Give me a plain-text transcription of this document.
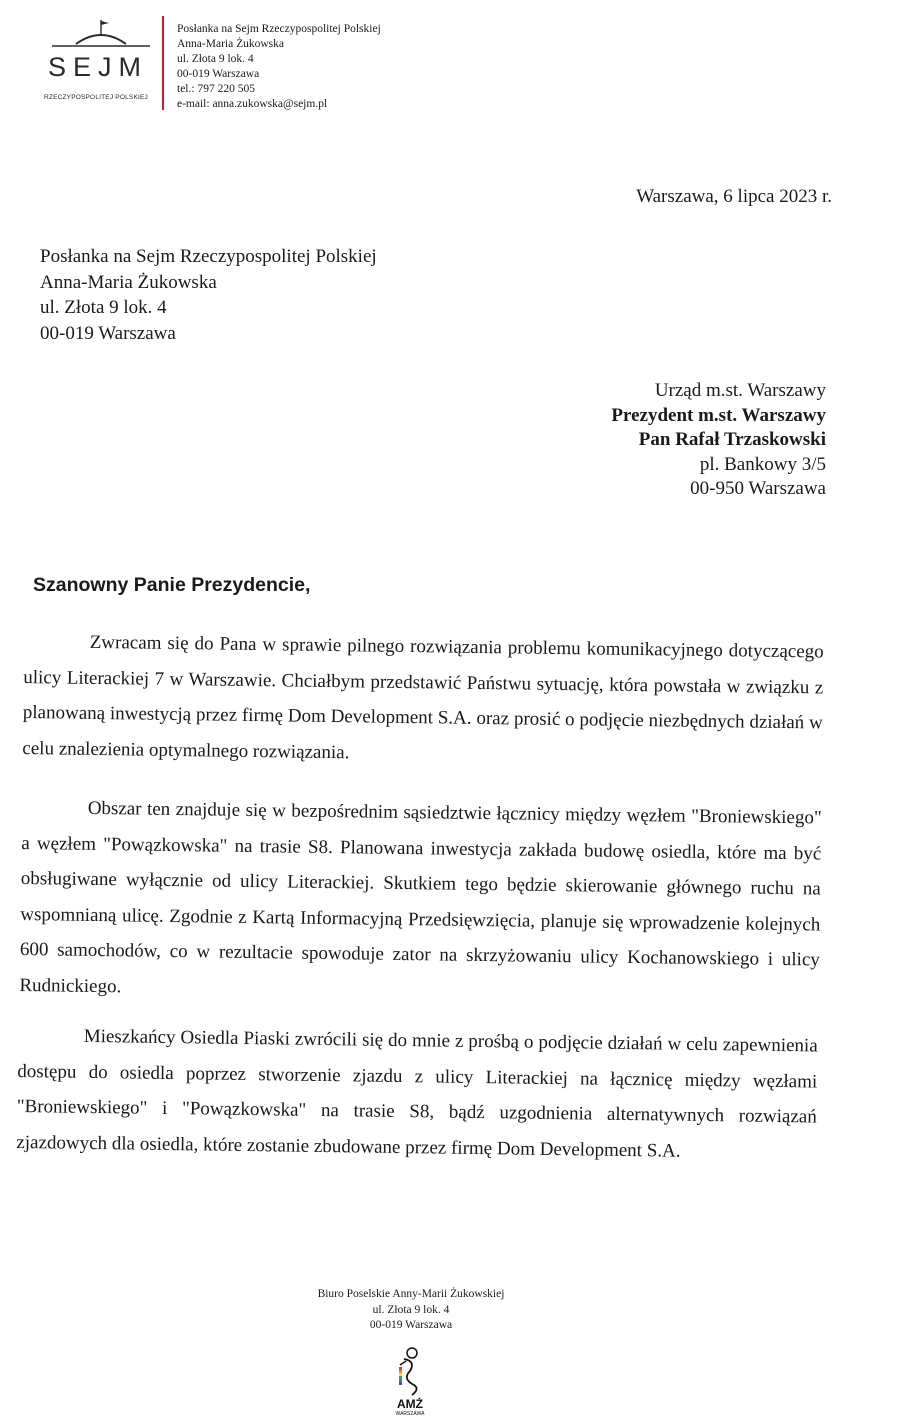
SEJM
RZECZYPOSPOLITEJ POLSKIEJ
Posłanka na Sejm Rzeczypospolitej Polskiej
Anna-Maria Żukowska
ul. Złota 9 lok. 4
00-019 Warszawa
tel.: 797 220 505
e-mail: anna.zukowska@sejm.pl
Warszawa, 6 lipca 2023 r.
Posłanka na Sejm Rzeczypospolitej Polskiej
Anna-Maria Żukowska
ul. Złota 9 lok. 4
00-019 Warszawa
Urząd m.st. Warszawy
Prezydent m.st. Warszawy
Pan Rafał Trzaskowski
pl. Bankowy 3/5
00-950 Warszawa
Szanowny Panie Prezydencie,

Zwracam się do Pana w sprawie pilnego rozwiązania problemu komunikacyjnego dotyczącego ulicy Literackiej 7 w Warszawie. Chciałbym przedstawić Państwu sytuację, która powstała w związku z planowaną inwestycją przez firmę Dom Development S.A. oraz prosić o podjęcie niezbędnych działań w celu znalezienia optymalnego rozwiązania.

Obszar ten znajduje się w bezpośrednim sąsiedztwie łącznicy między węzłem "Broniewskiego" a węzłem "Powązkowska" na trasie S8. Planowana inwestycja zakłada budowę osiedla, które ma być obsługiwane wyłącznie od ulicy Literackiej. Skutkiem tego będzie skierowanie głównego ruchu na wspomnianą ulicę. Zgodnie z Kartą Informacyjną Przedsięwzięcia, planuje się wprowadzenie kolejnych 600 samochodów, co w rezultacie spowoduje zator na skrzyżowaniu ulicy Kochanowskiego i ulicy Rudnickiego.

Mieszkańcy Osiedla Piaski zwrócili się do mnie z prośbą o podjęcie działań w celu zapewnienia dostępu do osiedla poprzez stworzenie zjazdu z ulicy Literackiej na łącznicę między węzłami "Broniewskiego" i "Powązkowska" na trasie S8, bądź uzgodnienia alternatywnych rozwiązań zjazdowych dla osiedla, które zostanie zbudowane przez firmę Dom Development S.A.

Biuro Poselskie Anny-Marii Żukowskiej
ul. Złota 9 lok. 4
00-019 Warszawa
AMŻ
WARSZAWA
